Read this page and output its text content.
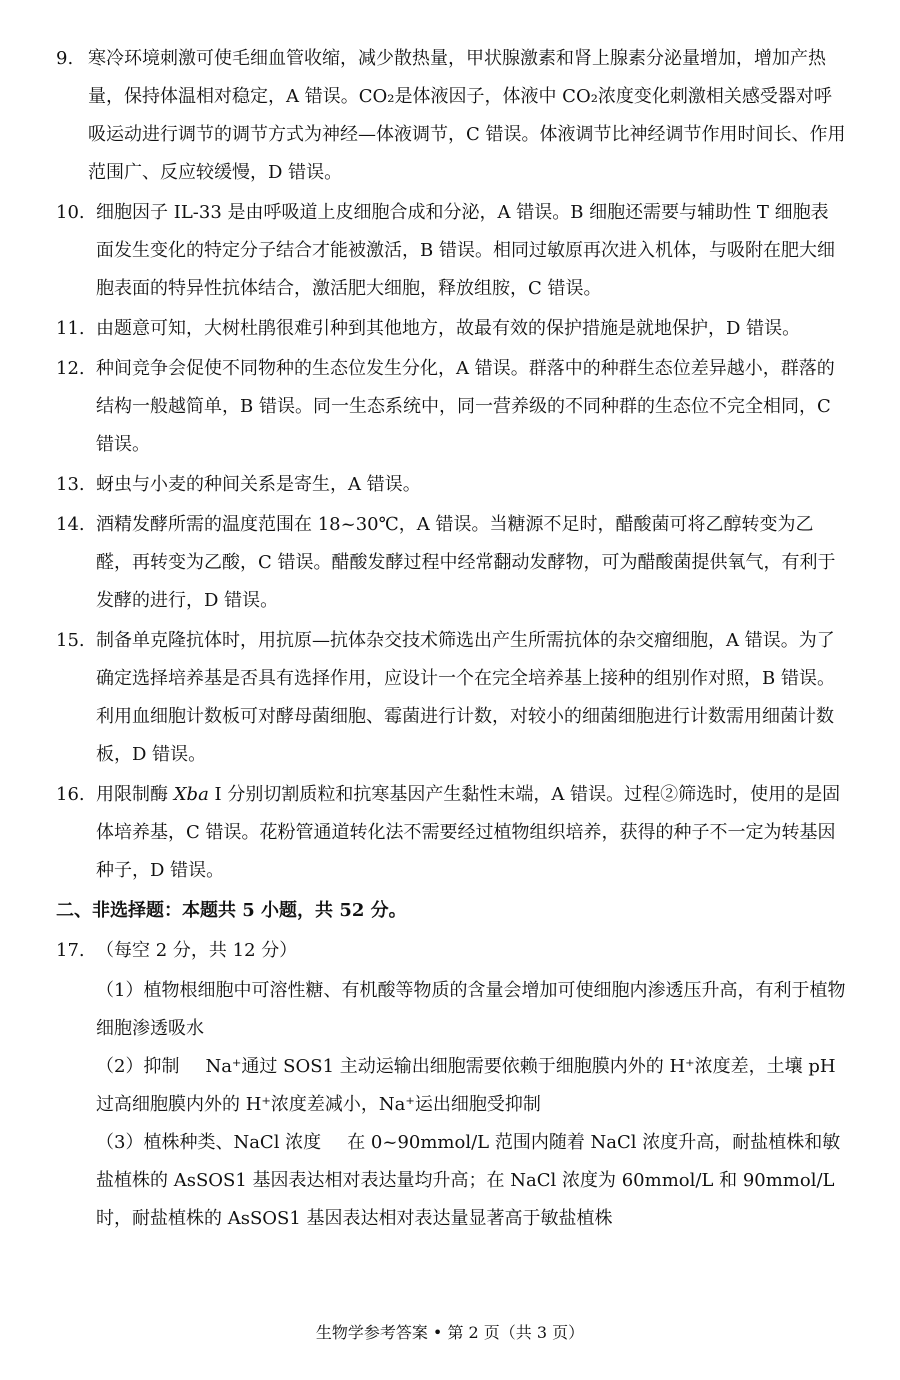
9. 寒冷环境刺激可使毛细血管收缩，减少散热量，甲状腺激素和肾上腺素分泌量增加，增加产热量，保持体温相对稳定，A 错误。CO₂是体液因子，体液中 CO₂浓度变化刺激相关感受器对呼吸运动进行调节的调节方式为神经—体液调节，C 错误。体液调节比神经调节作用时间长、作用范围广、反应较缓慢，D 错误。
10. 细胞因子 IL-33 是由呼吸道上皮细胞合成和分泌，A 错误。B 细胞还需要与辅助性 T 细胞表面发生变化的特定分子结合才能被激活，B 错误。相同过敏原再次进入机体，与吸附在肥大细胞表面的特异性抗体结合，激活肥大细胞，释放组胺，C 错误。
11. 由题意可知，大树杜鹃很难引种到其他地方，故最有效的保护措施是就地保护，D 错误。
12. 种间竞争会促使不同物种的生态位发生分化，A 错误。群落中的种群生态位差异越小，群落的结构一般越简单，B 错误。同一生态系统中，同一营养级的不同种群的生态位不完全相同，C 错误。
13. 蚜虫与小麦的种间关系是寄生，A 错误。
14. 酒精发酵所需的温度范围在 18~30℃，A 错误。当糖源不足时，醋酸菌可将乙醇转变为乙醛，再转变为乙酸，C 错误。醋酸发酵过程中经常翻动发酵物，可为醋酸菌提供氧气，有利于发酵的进行，D 错误。
15. 制备单克隆抗体时，用抗原—抗体杂交技术筛选出产生所需抗体的杂交瘤细胞，A 错误。为了确定选择培养基是否具有选择作用，应设计一个在完全培养基上接种的组别作对照，B 错误。利用血细胞计数板可对酵母菌细胞、霉菌进行计数，对较小的细菌细胞进行计数需用细菌计数板，D 错误。
16. 用限制酶 Xba I 分别切割质粒和抗寒基因产生黏性末端，A 错误。过程②筛选时，使用的是固体培养基，C 错误。花粉管通道转化法不需要经过植物组织培养，获得的种子不一定为转基因种子，D 错误。
二、非选择题：本题共 5 小题，共 52 分。
17. （每空 2 分，共 12 分）
（1）植物根细胞中可溶性糖、有机酸等物质的含量会增加可使细胞内渗透压升高，有利于植物细胞渗透吸水
（2）抑制 Na⁺通过 SOS1 主动运输出细胞需要依赖于细胞膜内外的 H⁺浓度差，土壤 pH 过高细胞膜内外的 H⁺浓度差减小，Na⁺运出细胞受抑制
（3）植株种类、NaCl 浓度 在 0~90mmol/L 范围内随着 NaCl 浓度升高，耐盐植株和敏盐植株的 AsSOS1 基因表达相对表达量均升高；在 NaCl 浓度为 60mmol/L 和 90mmol/L 时，耐盐植株的 AsSOS1 基因表达相对表达量显著高于敏盐植株
生物学参考答案 • 第 2 页（共 3 页）
